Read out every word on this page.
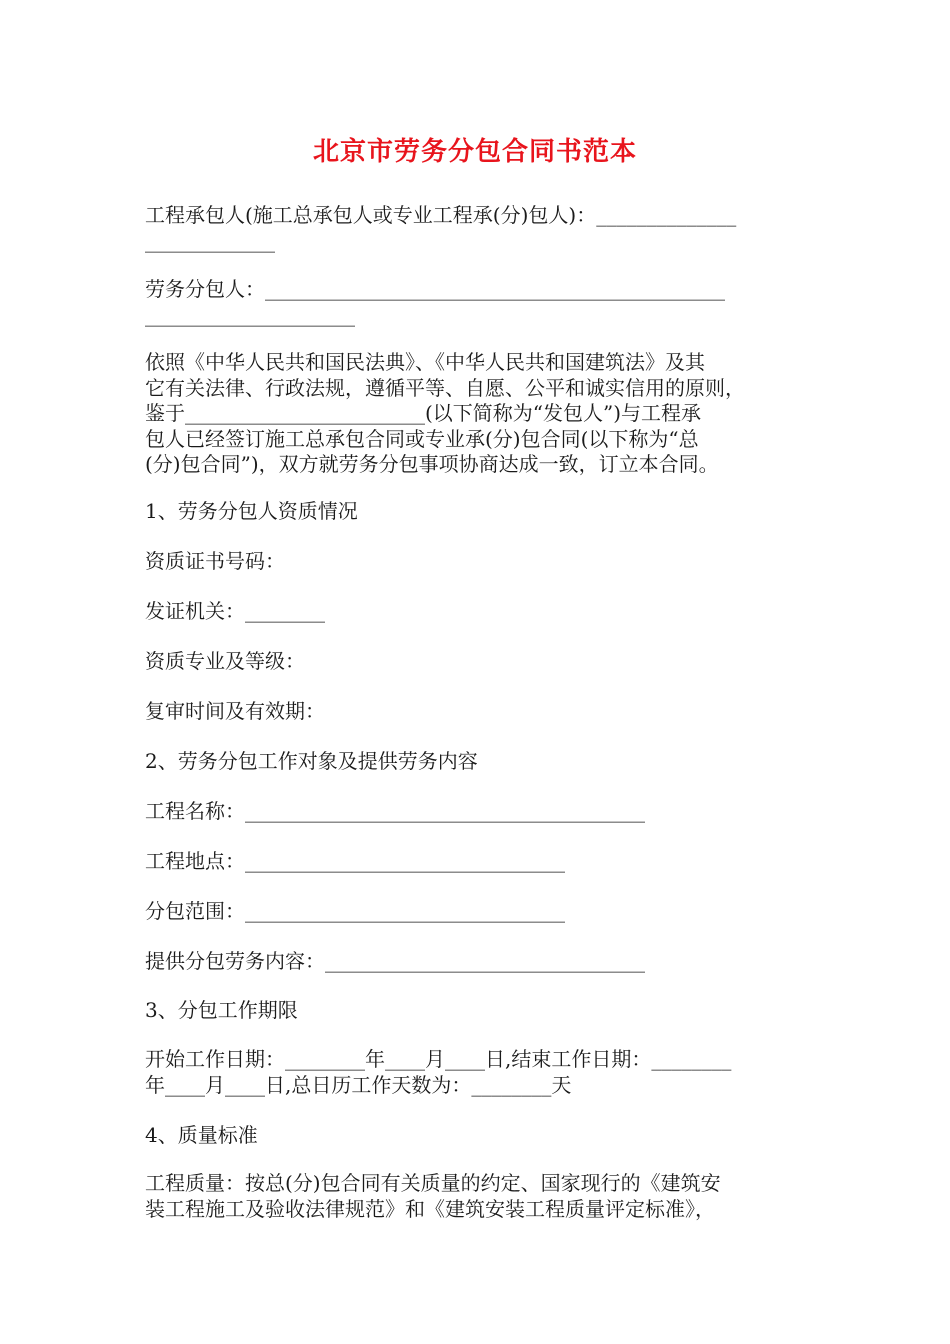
北京市劳务分包合同书范本

工程承包人(施工总承包人或专业工程承(分)包人)：______________

_____________

劳务分包人：______________________________________________

_____________________

依照《中华人民共和国民法典》、《中华人民共和国建筑法》及其

它有关法律、行政法规，遵循平等、自愿、公平和诚实信用的原则，

鉴于________________________(以下简称为“发包人”)与工程承

包人已经签订施工总承包合同或专业承(分)包合同(以下称为“总

(分)包合同”)，双方就劳务分包事项协商达成一致，订立本合同。

1、劳务分包人资质情况

资质证书号码：

发证机关：________

资质专业及等级：

复审时间及有效期：

2、劳务分包工作对象及提供劳务内容

工程名称：________________________________________

工程地点：________________________________

分包范围：________________________________

提供分包劳务内容：________________________________

3、分包工作期限

开始工作日期：________年____月____日,结束工作日期：________

年____月____日,总日历工作天数为：________天

4、质量标准

工程质量：按总(分)包合同有关质量的约定、国家现行的《建筑安

装工程施工及验收法律规范》和《建筑安装工程质量评定标准》，
